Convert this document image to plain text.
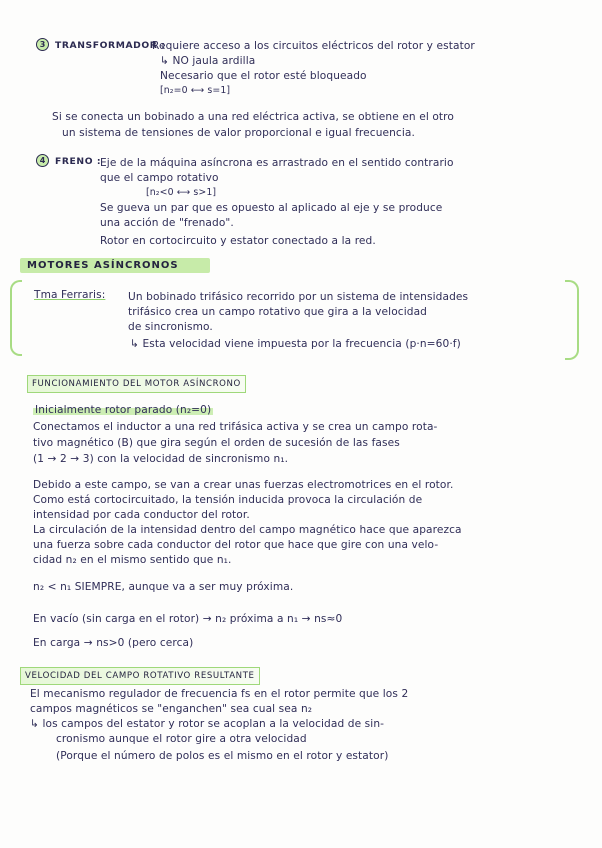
3	TRANSFORMADOR :
Requiere acceso a los circuitos eléctricos del rotor y estator
↳ NO jaula ardilla
Necesario que el rotor esté bloqueado
[n₂=0 ⟷ s=1]
Si se conecta un bobinado a una red eléctrica activa, se obtiene en el otro
un sistema de tensiones de valor proporcional e igual frecuencia.
4	FRENO :
Eje de la máquina asíncrona es arrastrado en el sentido contrario
que el campo rotativo
[n₂<0 ⟷ s>1]
Se gueva un par que es opuesto al aplicado al eje y se produce
una acción de "frenado".
Rotor en cortocircuito y estator conectado a la red.
MOTORES ASÍNCRONOS
Tma Ferraris: Un bobinado trifásico recorrido por un sistema de intensidades
trifásico crea un campo rotativo que gira a la velocidad
de sincronismo.
↳ Esta velocidad viene impuesta por la frecuencia (p·n=60·f)
FUNCIONAMIENTO DEL MOTOR ASÍNCRONO
Inicialmente rotor parado (n₂=0)
Conectamos el inductor a una red trifásica activa y se crea un campo rota-
tivo magnético (B) que gira según el orden de sucesión de las fases
(1 → 2 → 3) con la velocidad de sincronismo n₁.
Debido a este campo, se van a crear unas fuerzas electromotrices en el rotor.
Como está cortocircuitado, la tensión inducida provoca la circulación de
intensidad por cada conductor del rotor.
La circulación de la intensidad dentro del campo magnético hace que aparezca
una fuerza sobre cada conductor del rotor que hace que gire con una velo-
cidad n₂ en el mismo sentido que n₁.
n₂ < n₁ SIEMPRE, aunque va a ser muy próxima.
En vacío (sin carga en el rotor) → n₂ próxima a n₁ → ns≈0
En carga → ns>0 (pero cerca)
VELOCIDAD DEL CAMPO ROTATIVO RESULTANTE
El mecanismo regulador de frecuencia fs en el rotor permite que los 2
campos magnéticos se "enganchen" sea cual sea n₂
↳ los campos del estator y rotor se acoplan a la velocidad de sin-
cronismo aunque el rotor gire a otra velocidad
(Porque el número de polos es el mismo en el rotor y estator)
